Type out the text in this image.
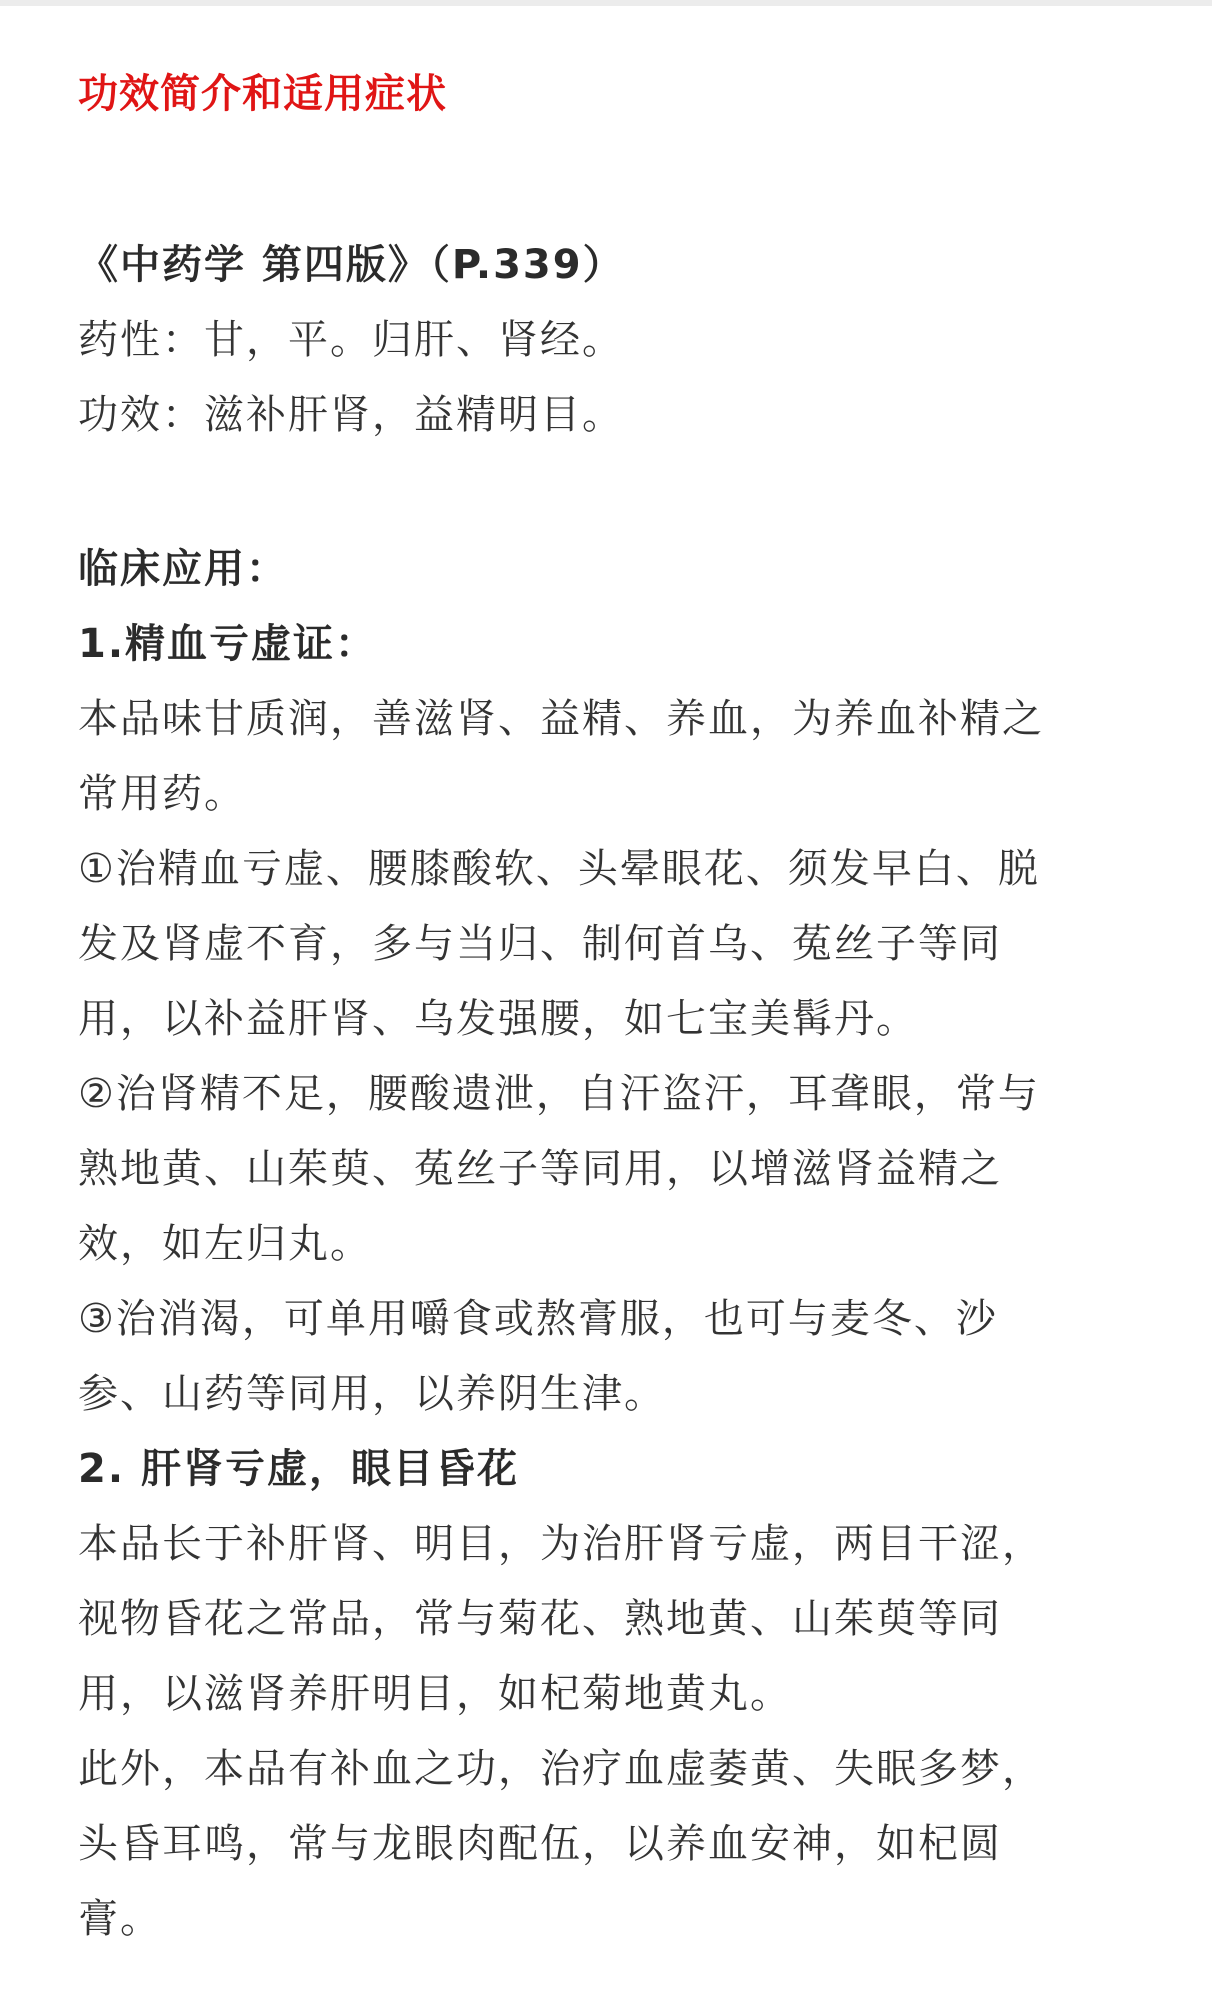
功效简介和适用症状

《中药学 第四版》（P.339）

药性：甘，平。归肝、肾经。

功效：滋补肝肾，益精明目。

临床应用：

1.精血亏虚证：

本品味甘质润，善滋肾、益精、养血，为养血补精之

常用药。

①治精血亏虚、腰膝酸软、头晕眼花、须发早白、脱

发及肾虚不育，多与当归、制何首乌、菟丝子等同

用，以补益肝肾、乌发强腰，如七宝美髯丹。

②治肾精不足，腰酸遗泄，自汗盗汗，耳聋眼，常与

熟地黄、山茱萸、菟丝子等同用，以增滋肾益精之

效，如左归丸。

③治消渴，可单用嚼食或熬膏服，也可与麦冬、沙

参、山药等同用，以养阴生津。

2. 肝肾亏虚，眼目昏花

本品长于补肝肾、明目，为治肝肾亏虚，两目干涩，

视物昏花之常品，常与菊花、熟地黄、山茱萸等同

用，以滋肾养肝明目，如杞菊地黄丸。

此外，本品有补血之功，治疗血虚萎黄、失眠多梦，

头昏耳鸣，常与龙眼肉配伍，以养血安神，如杞圆

膏。
